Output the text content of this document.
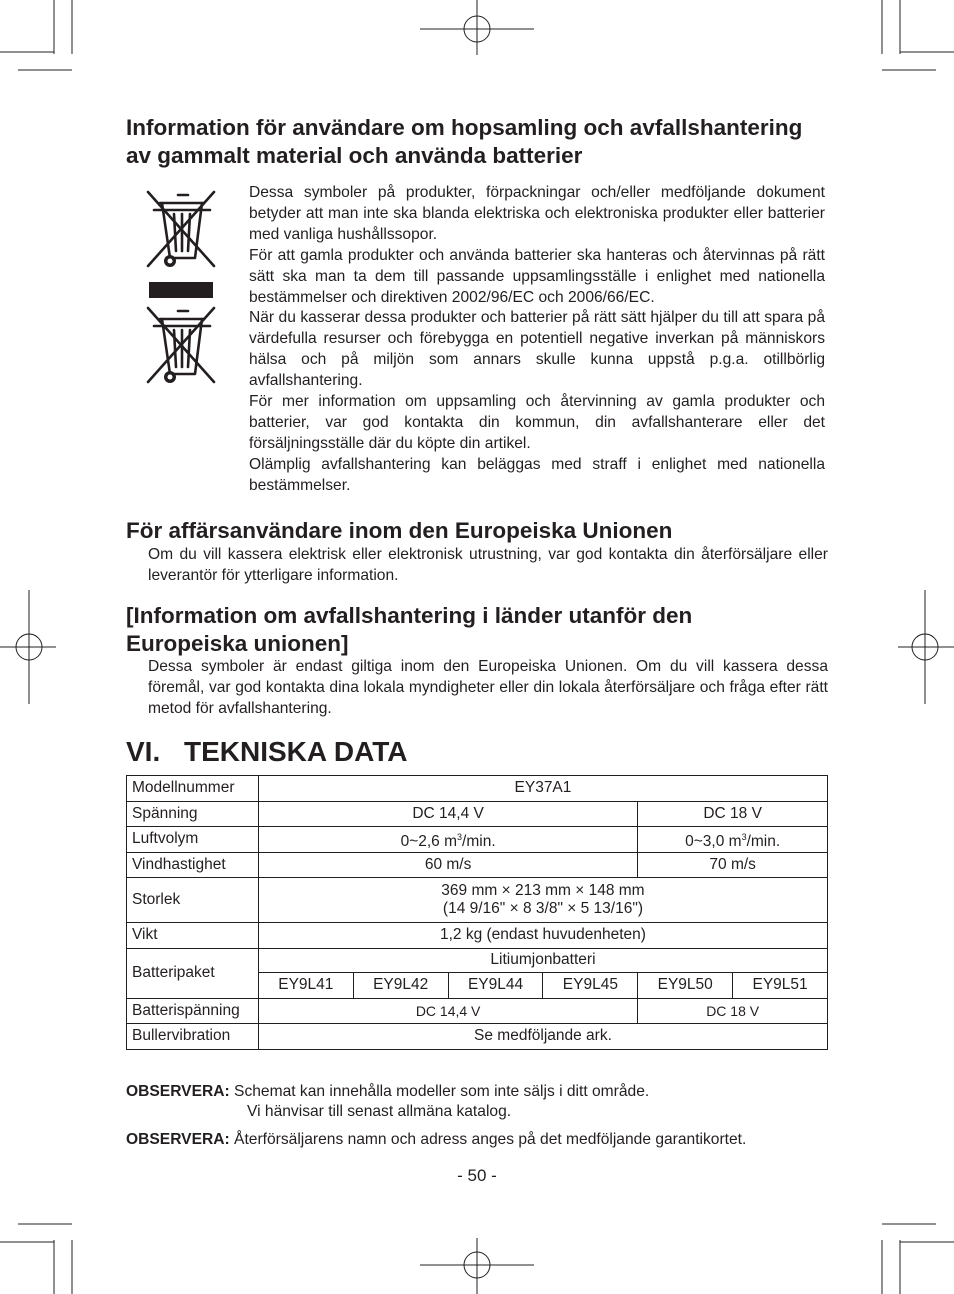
Information för användare om hopsamling och avfallshantering
av gammalt material och använda batterier

Dessa symboler på produkter, förpackningar och/eller medföljande dokument betyder att man inte ska blanda elektriska och elektroniska produkter eller batterier med vanliga hushållssopor.

För att gamla produkter och använda batterier ska hanteras och återvinnas på rätt sätt ska man ta dem till passande uppsamlingsställe i enlighet med nationella bestämmelser och direktiven 2002/96/EC och 2006/66/EC.

När du kasserar dessa produkter och batterier på rätt sätt hjälper du till att spara på värdefulla resurser och förebygga en potentiell negative inverkan på människors hälsa och på miljön som annars skulle kunna uppstå p.g.a. otillbörlig avfallshantering.

För mer information om uppsamling och återvinning av gamla produkter och batterier, var god kontakta din kommun, din avfallshanterare eller det försäljningsställe där du köpte din artikel.

Olämplig avfallshantering kan beläggas med straff i enlighet med nationella bestämmelser.

För affärsanvändare inom den Europeiska Unionen

Om du vill kassera elektrisk eller elektronisk utrustning, var god kontakta din återförsäljare eller leverantör för ytterligare information.

[Information om avfallshantering i länder utanför den
Europeiska unionen]

Dessa symboler är endast giltiga inom den Europeiska Unionen. Om du vill kassera dessa föremål, var god kontakta dina lokala myndigheter eller din lokala återförsäljare och fråga efter rätt metod för avfallshantering.

VI. TEKNISKA DATA
Modellnummer	EY37A1					
Spänning	DC 14,4 V				DC 18 V	
Luftvolym	0~2,6 $m^3/\min$.				0~3,0 $m^3/\min$.	
Vindhastighet	60 m/s				70 m/s	
Storlek	369 mm × 213 mm × 148 mm
(14 9/16" × 8 3/8" × 5 13/16")					
Vikt	1,2 kg (endast huvudenheten)					
Batteripaket	Litiumjonbatteri					
	EY9L41	EY9L42	EY9L44	EY9L45	EY9L50	EY9L51
Batterispänning	DC 14,4 V				DC 18 V	
Bullervibration	Se medföljande ark.					
OBSERVERA:
Schemat kan innehålla modeller som inte säljs i ditt område.
Vi hänvisar till senast allmäna katalog.
OBSERVERA:
Återförsäljarens namn och adress anges på det medföljande garantikortet.
- 50 -
